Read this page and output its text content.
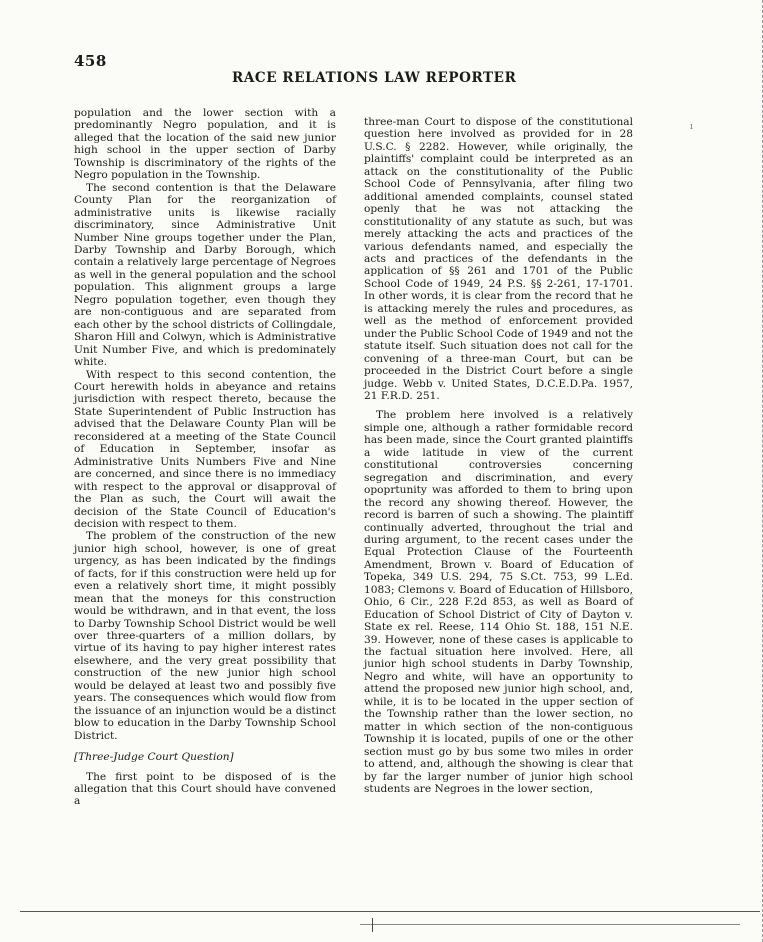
458
RACE RELATIONS LAW REPORTER
ı

population and the lower section with a predominantly Negro population, and it is alleged that the location of the said new junior high school in the upper section of Darby Township is discriminatory of the rights of the Negro population in the Township.

The second contention is that the Delaware County Plan for the reorganization of administrative units is likewise racially discriminatory, since Administrative Unit Number Nine groups together under the Plan, Darby Township and Darby Borough, which contain a relatively large percentage of Negroes as well in the general population and the school population. This alignment groups a large Negro population together, even though they are non-contiguous and are separated from each other by the school districts of Collingdale, Sharon Hill and Colwyn, which is Administrative Unit Number Five, and which is predominately white.

With respect to this second contention, the Court herewith holds in abeyance and retains jurisdiction with respect thereto, because the State Superintendent of Public Instruction has advised that the Delaware County Plan will be reconsidered at a meeting of the State Council of Education in September, insofar as Administrative Units Numbers Five and Nine are concerned, and since there is no immediacy with respect to the approval or disapproval of the Plan as such, the Court will await the decision of the State Council of Education's decision with respect to them.

The problem of the construction of the new junior high school, however, is one of great urgency, as has been indicated by the findings of facts, for if this construction were held up for even a relatively short time, it might possibly mean that the moneys for this construction would be withdrawn, and in that event, the loss to Darby Township School District would be well over three-quarters of a million dollars, by virtue of its having to pay higher interest rates elsewhere, and the very great possibility that construction of the new junior high school would be delayed at least two and possibly five years. The consequences which would flow from the issuance of an injunction would be a distinct blow to education in the Darby Township School District.

[Three-Judge Court Question]

The first point to be disposed of is the allegation that this Court should have convened a

three-man Court to dispose of the constitutional question here involved as provided for in 28 U.S.C. § 2282. However, while originally, the plaintiffs' complaint could be interpreted as an attack on the constitutionality of the Public School Code of Pennsylvania, after filing two additional amended complaints, counsel stated openly that he was not attacking the constitutionality of any statute as such, but was merely attacking the acts and practices of the various defendants named, and especially the acts and practices of the defendants in the application of §§ 261 and 1701 of the Public School Code of 1949, 24 P.S. §§ 2-261, 17-1701. In other words, it is clear from the record that he is attacking merely the rules and procedures, as well as the method of enforcement provided under the Public School Code of 1949 and not the statute itself. Such situation does not call for the convening of a three-man Court, but can be proceeded in the District Court before a single judge. Webb v. United States, D.C.E.D.Pa. 1957, 21 F.R.D. 251.

The problem here involved is a relatively simple one, although a rather formidable record has been made, since the Court granted plaintiffs a wide latitude in view of the current constitutional controversies concerning segregation and discrimination, and every opoprtunity was afforded to them to bring upon the record any showing thereof. However, the record is barren of such a showing. The plaintiff continually adverted, throughout the trial and during argument, to the recent cases under the Equal Protection Clause of the Fourteenth Amendment, Brown v. Board of Education of Topeka, 349 U.S. 294, 75 S.Ct. 753, 99 L.Ed. 1083; Clemons v. Board of Education of Hillsboro, Ohio, 6 Cir., 228 F.2d 853, as well as Board of Education of School District of City of Dayton v. State ex rel. Reese, 114 Ohio St. 188, 151 N.E. 39. However, none of these cases is applicable to the factual situation here involved. Here, all junior high school students in Darby Township, Negro and white, will have an opportunity to attend the proposed new junior high school, and, while, it is to be located in the upper section of the Township rather than the lower section, no matter in which section of the non-contiguous Township it is located, pupils of one or the other section must go by bus some two miles in order to attend, and, although the showing is clear that by far the larger number of junior high school students are Negroes in the lower section,
